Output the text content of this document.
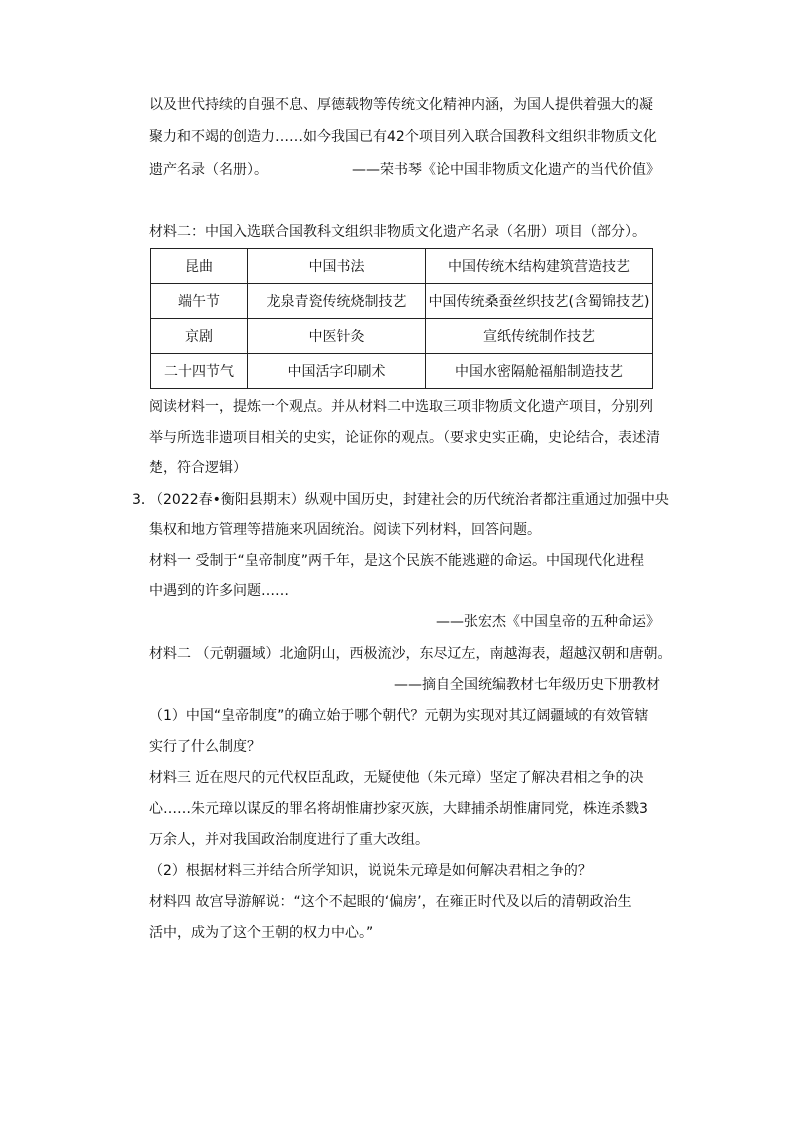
以及世代持续的自强不息、厚德载物等传统文化精神内涵，为国人提供着强大的凝
聚力和不竭的创造力……如今我国已有42个项目列入联合国教科文组织非物质文化
遗产名录（名册）。	——荣书琴《论中国非物质文化遗产的当代价值》
材料二：中国入选联合国教科文组织非物质文化遗产名录（名册）项目（部分）。
昆曲	中国书法	中国传统木结构建筑营造技艺
端午节	龙泉青瓷传统烧制技艺	中国传统桑蚕丝织技艺(含蜀锦技艺)
京剧	中医针灸	宣纸传统制作技艺
二十四节气	中国活字印刷术	中国水密隔舱福船制造技艺
阅读材料一，提炼一个观点。并从材料二中选取三项非物质文化遗产项目，分别列
举与所选非遗项目相关的史实，论证你的观点。（要求史实正确，史论结合，表述清
楚，符合逻辑）
3．
（2022春•衡阳县期末）纵观中国历史，封建社会的历代统治者都注重通过加强中央
集权和地方管理等措施来巩固统治。阅读下列材料，回答问题。
材料一 受制于“皇帝制度”两千年，是这个民族不能逃避的命运。中国现代化进程
中遇到的许多问题……
——张宏杰《中国皇帝的五种命运》
材料二 （元朝疆域）北逾阴山，西极流沙，东尽辽左，南越海表，超越汉朝和唐朝。
——摘自全国统编教材七年级历史下册教材
（1）中国“皇帝制度”的确立始于哪个朝代？元朝为实现对其辽阔疆域的有效管辖
实行了什么制度？
材料三 近在咫尺的元代权臣乱政，无疑使他（朱元璋）坚定了解决君相之争的决
心……朱元璋以谋反的罪名将胡惟庸抄家灭族，大肆捕杀胡惟庸同党，株连杀戮3
万余人，并对我国政治制度进行了重大改组。
（2）根据材料三并结合所学知识，说说朱元璋是如何解决君相之争的？
材料四 故宫导游解说：“这个不起眼的‘偏房’，在雍正时代及以后的清朝政治生
活中，成为了这个王朝的权力中心。”
